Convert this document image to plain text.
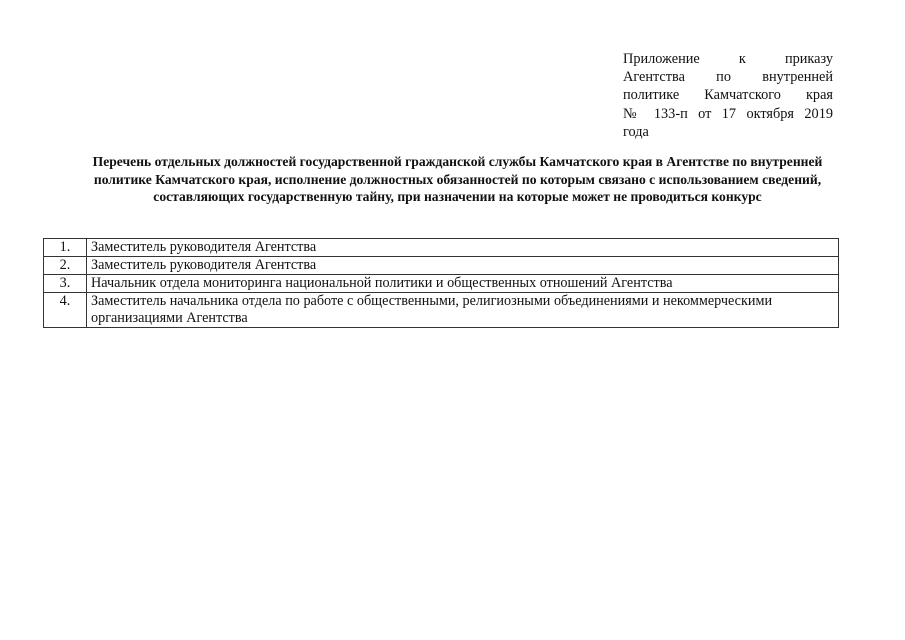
Приложение к приказу
Агентства по внутренней
политике Камчатского края
№ 133-п от 17 октября 2019
года
Перечень отдельных должностей государственной гражданской службы Камчатского края в Агентстве по внутренней политике Камчатского края, исполнение должностных обязанностей по которым связано с использованием сведений, составляющих государственную тайну, при назначении на которые может не проводиться конкурс
1.	Заместитель руководителя Агентства
2.	Заместитель руководителя Агентства
3.	Начальник отдела мониторинга национальной политики и общественных отношений Агентства
4.	Заместитель начальника отдела по работе с общественными, религиозными объединениями и некоммерческими организациями Агентства
